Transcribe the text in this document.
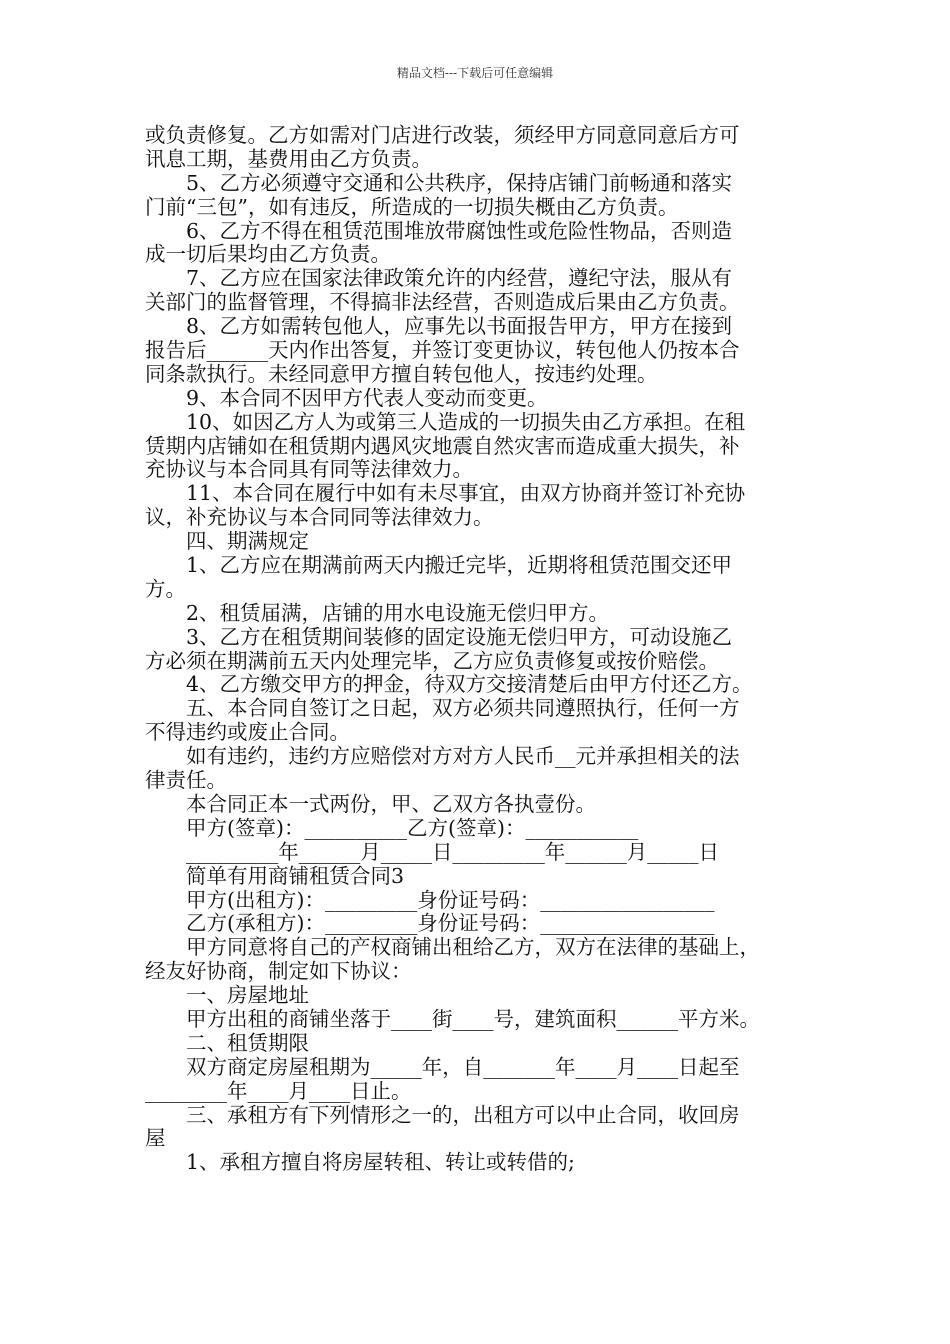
精品文档---下载后可任意编辑
或负责修复。乙方如需对门店进行改装，须经甲方同意同意后方可
讯息工期，基费用由乙方负责。
　　5、乙方必须遵守交通和公共秩序，保持店铺门前畅通和落实
门前“三包”，如有违反，所造成的一切损失概由乙方负责。
　　6、乙方不得在租赁范围堆放带腐蚀性或危险性物品，否则造
成一切后果均由乙方负责。
　　7、乙方应在国家法律政策允许的内经营，遵纪守法，服从有
关部门的监督管理，不得搞非法经营，否则造成后果由乙方负责。
　　8、乙方如需转包他人，应事先以书面报告甲方，甲方在接到
报告后______天内作出答复，并签订变更协议，转包他人仍按本合
同条款执行。未经同意甲方擅自转包他人，按违约处理。
　　9、本合同不因甲方代表人变动而变更。
　　10、如因乙方人为或第三人造成的一切损失由乙方承担。在租
赁期内店铺如在租赁期内遇风灾地震自然灾害而造成重大损失，补
充协议与本合同具有同等法律效力。
　　11、本合同在履行中如有未尽事宜，由双方协商并签订补充协
议，补充协议与本合同同等法律效力。
　　四、期满规定
　　1、乙方应在期满前两天内搬迁完毕，近期将租赁范围交还甲
方。
　　2、租赁届满，店铺的用水电设施无偿归甲方。
　　3、乙方在租赁期间装修的固定设施无偿归甲方，可动设施乙
方必须在期满前五天内处理完毕，乙方应负责修复或按价赔偿。
　　4、乙方缴交甲方的押金，待双方交接清楚后由甲方付还乙方。
　　五、本合同自签订之日起，双方必须共同遵照执行，任何一方
不得违约或废止合同。
　　如有违约，违约方应赔偿对方对方人民币__元并承担相关的法
律责任。
　　本合同正本一式两份，甲、乙双方各执壹份。
　　甲方(签章)：__________乙方(签章)：___________
　　_________年______月_____日_________年______月_____日
　　简单有用商铺租赁合同3
　　甲方(出租方)：_________身份证号码：_________________
　　乙方(承租方)：_________身份证号码：_________________
　　甲方同意将自己的产权商铺出租给乙方，双方在法律的基础上，
经友好协商，制定如下协议：
　　一、房屋地址
　　甲方出租的商铺坐落于____街____号，建筑面积______平方米。
　　二、租赁期限
　　双方商定房屋租期为_____年，自_______年____月____日起至
________年____月____日止。
　　三、承租方有下列情形之一的，出租方可以中止合同，收回房
屋
　　1、承租方擅自将房屋转租、转让或转借的;
